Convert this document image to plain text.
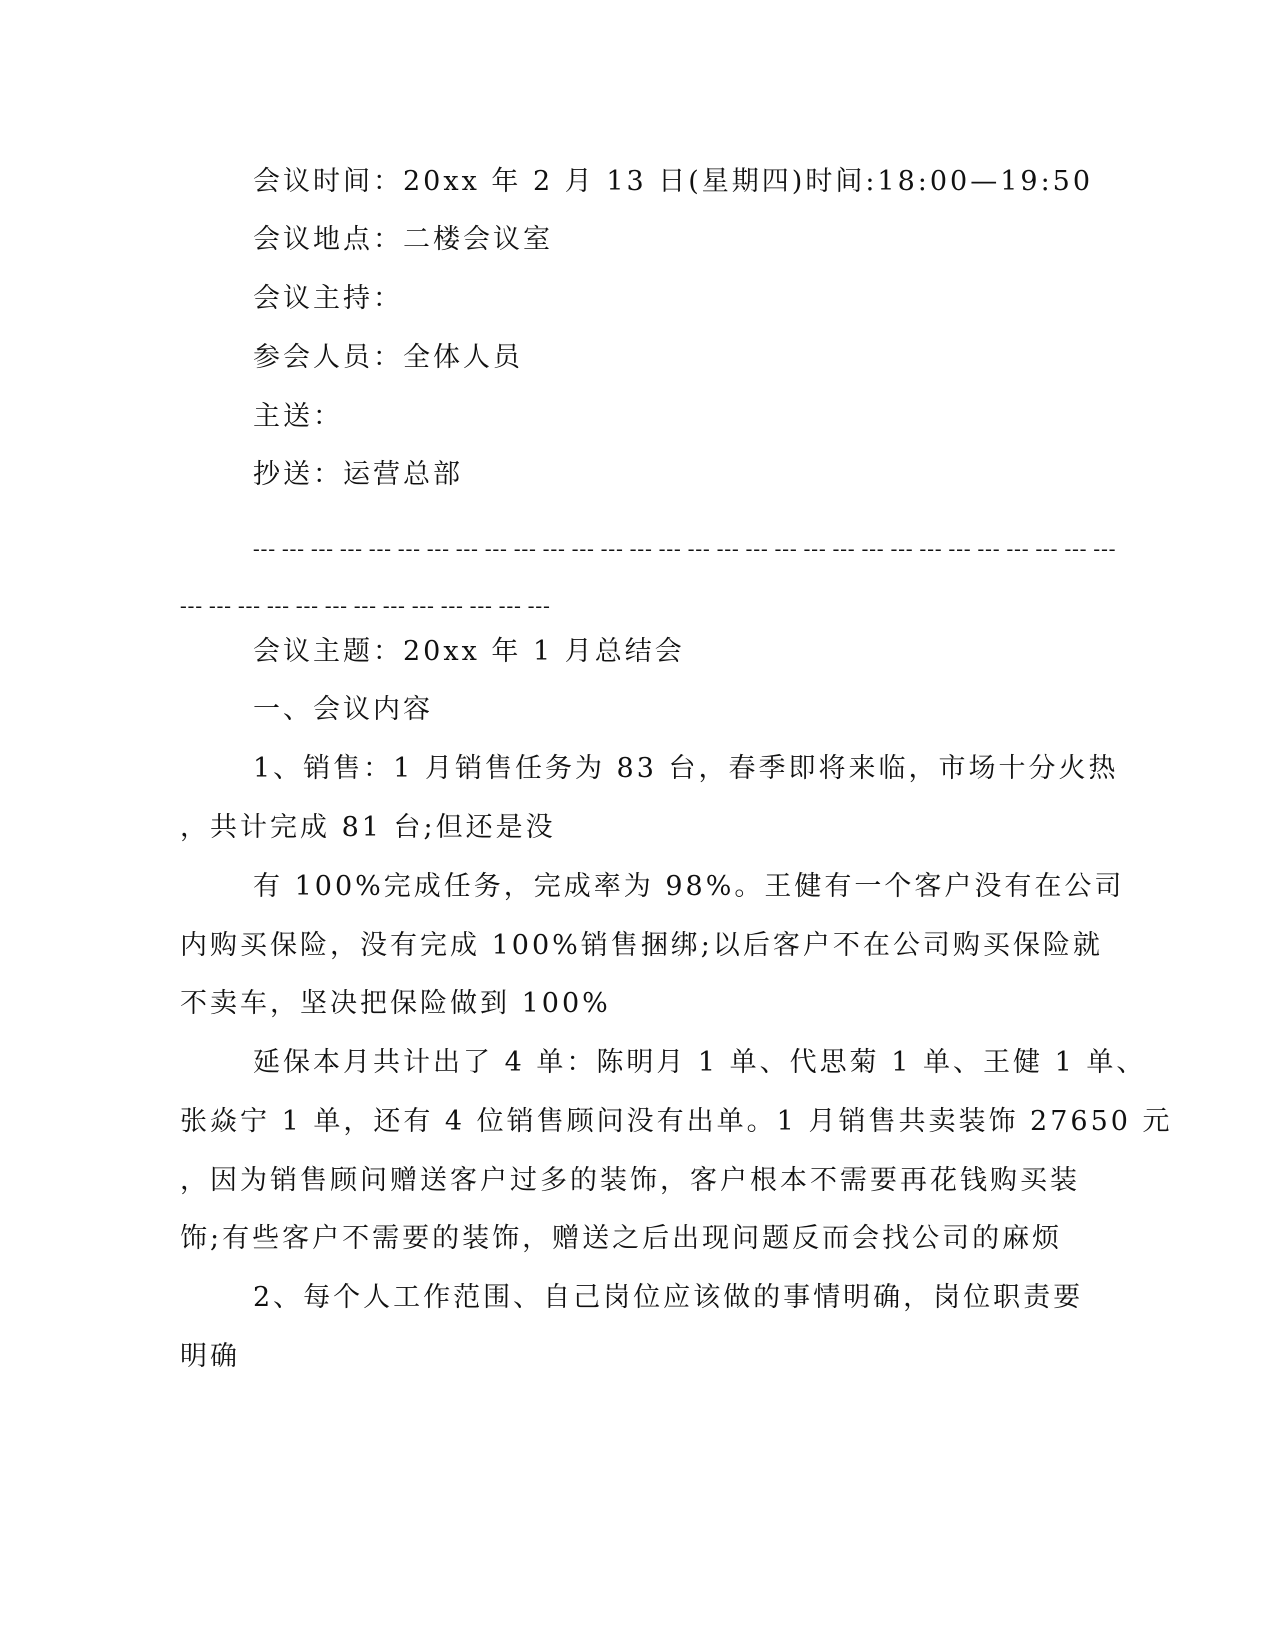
会议时间：20xx 年 2 月 13 日(星期四)时间:18:00—19:50
会议地点：二楼会议室
会议主持：
参会人员：全体人员
主送：
抄送：运营总部
--- --- --- --- --- --- --- --- --- --- --- --- --- --- --- --- --- --- --- --- --- --- --- --- --- --- --- --- --- ---
--- --- --- --- --- --- --- --- --- --- --- --- ---
会议主题：20xx 年 1 月总结会
一、会议内容
1、销售：1 月销售任务为 83 台，春季即将来临，市场十分火热
，共计完成 81 台;但还是没
有 100%完成任务，完成率为 98%。王健有一个客户没有在公司
内购买保险，没有完成 100%销售捆绑;以后客户不在公司购买保险就
不卖车，坚决把保险做到 100%
延保本月共计出了 4 单：陈明月 1 单、代思菊 1 单、王健 1 单、
张焱宁 1 单，还有 4 位销售顾问没有出单。1 月销售共卖装饰 27650 元
，因为销售顾问赠送客户过多的装饰，客户根本不需要再花钱购买装
饰;有些客户不需要的装饰，赠送之后出现问题反而会找公司的麻烦
2、每个人工作范围、自己岗位应该做的事情明确，岗位职责要
明确
